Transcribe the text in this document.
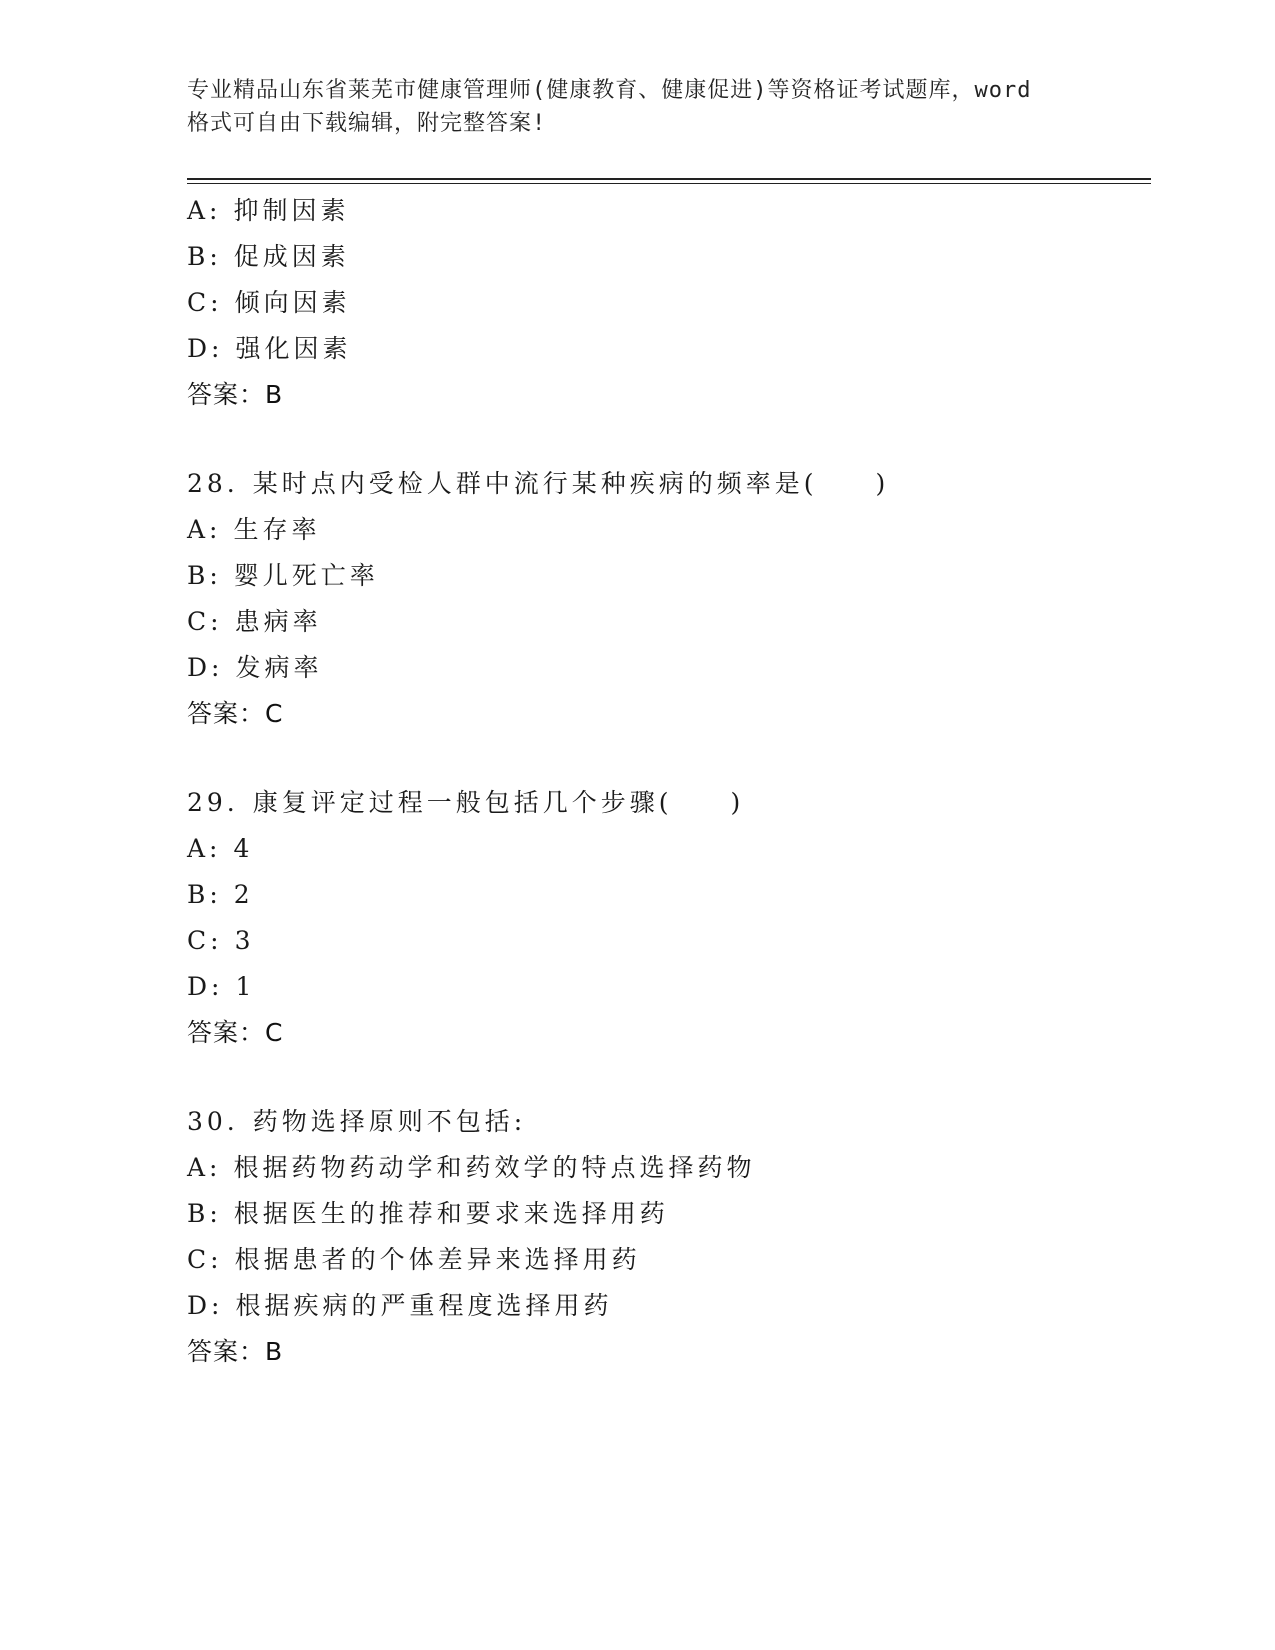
专业精品山东省莱芜市健康管理师(健康教育、健康促进)等资格证考试题库，word
格式可自由下载编辑，附完整答案!
A: 抑制因素
B: 促成因素
C: 倾向因素
D: 强化因素
答案：B
28. 某时点内受检人群中流行某种疾病的频率是(　　)
A: 生存率
B: 婴儿死亡率
C: 患病率
D: 发病率
答案：C
29. 康复评定过程一般包括几个步骤(　　)
A: 4
B: 2
C: 3
D: 1
答案：C
30. 药物选择原则不包括:
A: 根据药物药动学和药效学的特点选择药物
B: 根据医生的推荐和要求来选择用药
C: 根据患者的个体差异来选择用药
D: 根据疾病的严重程度选择用药
答案：B
